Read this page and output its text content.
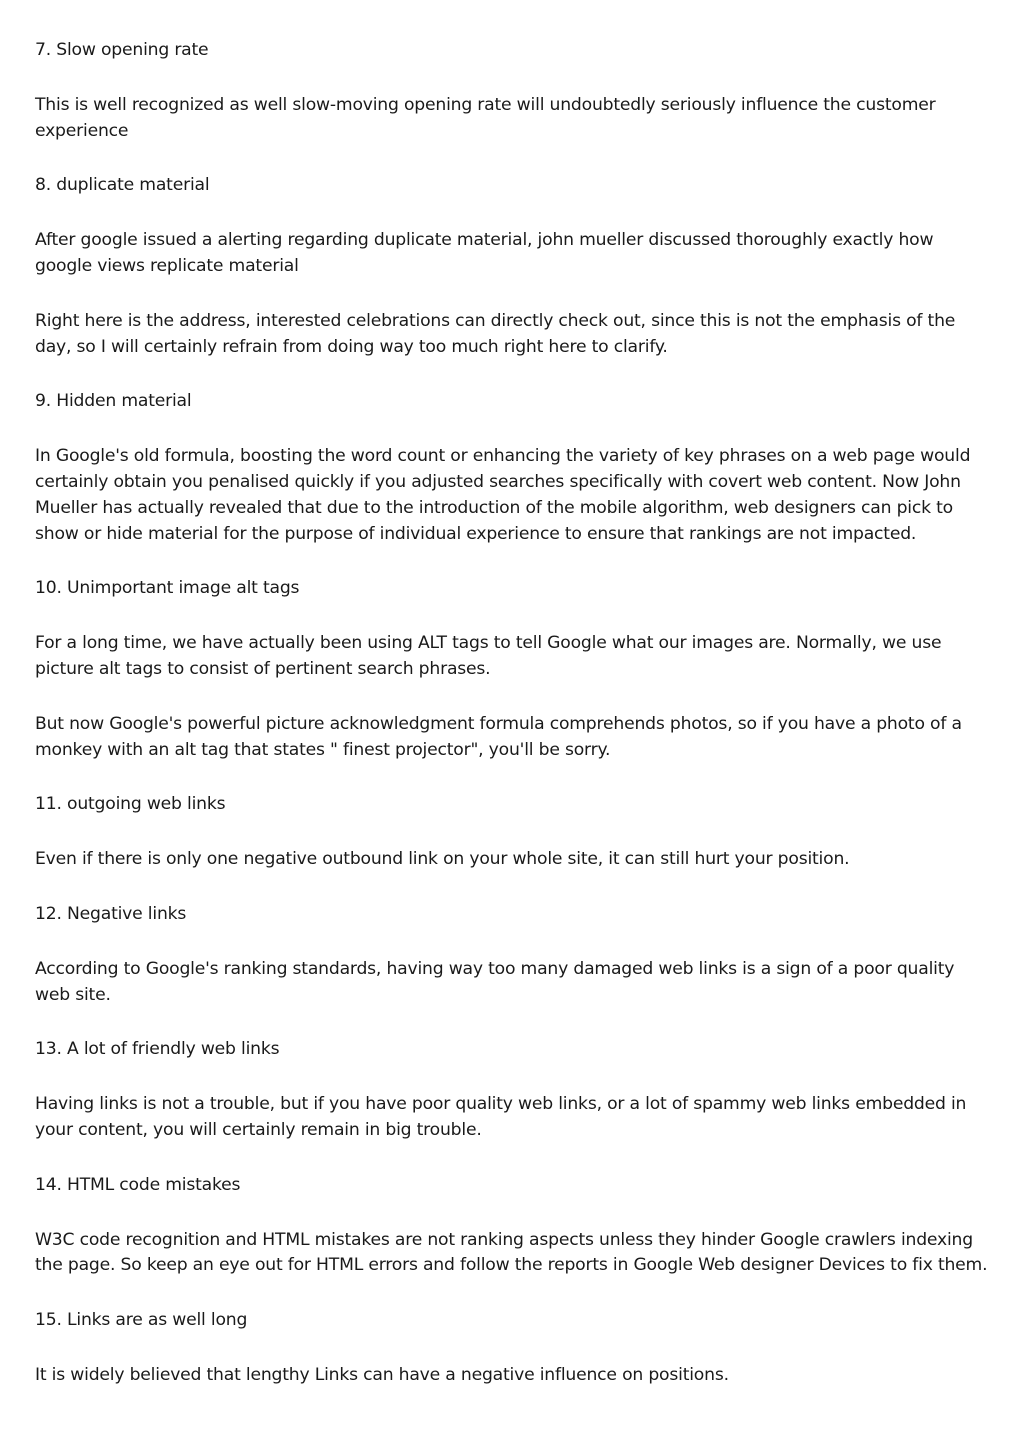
7. Slow opening rate

This is well recognized as well slow-moving opening rate will undoubtedly seriously influence the customer experience

8. duplicate material

After google issued a alerting regarding duplicate material, john mueller discussed thoroughly exactly how google views replicate material

Right here is the address, interested celebrations can directly check out, since this is not the emphasis of the day, so I will certainly refrain from doing way too much right here to clarify.

9. Hidden material

In Google's old formula, boosting the word count or enhancing the variety of key phrases on a web page would certainly obtain you penalised quickly if you adjusted searches specifically with covert web content. Now John Mueller has actually revealed that due to the introduction of the mobile algorithm, web designers can pick to show or hide material for the purpose of individual experience to ensure that rankings are not impacted.

10. Unimportant image alt tags

For a long time, we have actually been using ALT tags to tell Google what our images are. Normally, we use picture alt tags to consist of pertinent search phrases.

But now Google's powerful picture acknowledgment formula comprehends photos, so if you have a photo of a monkey with an alt tag that states " finest projector", you'll be sorry.

11. outgoing web links

Even if there is only one negative outbound link on your whole site, it can still hurt your position.

12. Negative links

According to Google's ranking standards, having way too many damaged web links is a sign of a poor quality web site.

13. A lot of friendly web links

Having links is not a trouble, but if you have poor quality web links, or a lot of spammy web links embedded in your content, you will certainly remain in big trouble.

14. HTML code mistakes

W3C code recognition and HTML mistakes are not ranking aspects unless they hinder Google crawlers indexing the page. So keep an eye out for HTML errors and follow the reports in Google Web designer Devices to fix them.

15. Links are as well long

It is widely believed that lengthy Links can have a negative influence on positions.
